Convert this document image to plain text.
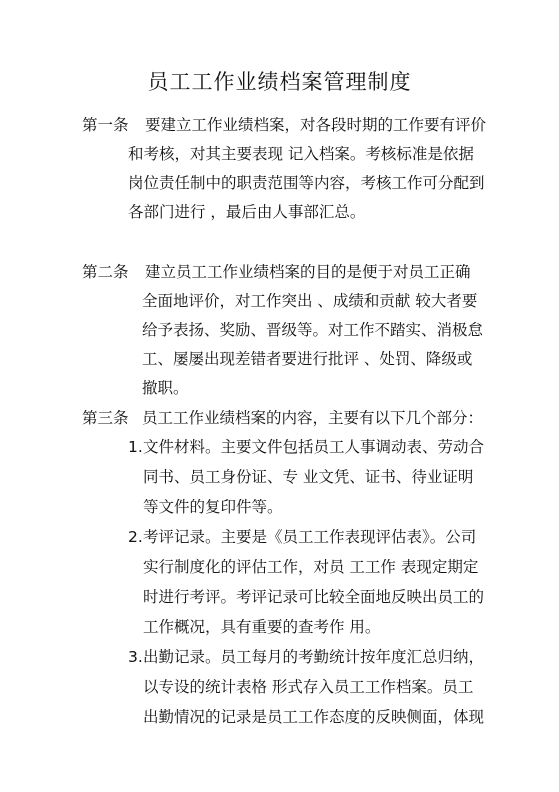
员工工作业绩档案管理制度
第一条 要建立工作业绩档案，对各段时期的工作要有评价
和考核，对其主要表现 记入档案。考核标准是依据
岗位责任制中的职责范围等内容，考核工作可分配到
各部门进行 ，最后由人事部汇总。
第二条 建立员工工作业绩档案的目的是便于对员工正确
全面地评价，对工作突出 、成绩和贡献 较大者要
给予表扬、奖励、晋级等。对工作不踏实、消极怠
工、屡屡出现差错者要进行批评 、处罚、降级或
撤职。
第三条 员工工作业绩档案的内容，主要有以下几个部分：
1. 文件材料。主要文件包括员工人事调动表、劳动合
同书、员工身份证、专 业文凭、证书、待业证明
等文件的复印件等。
2. 考评记录。主要是《员工工作表现评估表》。公司
实行制度化的评估工作，对员 工工作 表现定期定
时进行考评。考评记录可比较全面地反映出员工的
工作概况，具有重要的查考作 用。
3. 出勤记录。员工每月的考勤统计按年度汇总归纳，
以专设的统计表格 形式存入员工工作档案。员工
出勤情况的记录是员工工作态度的反映侧面，体现
